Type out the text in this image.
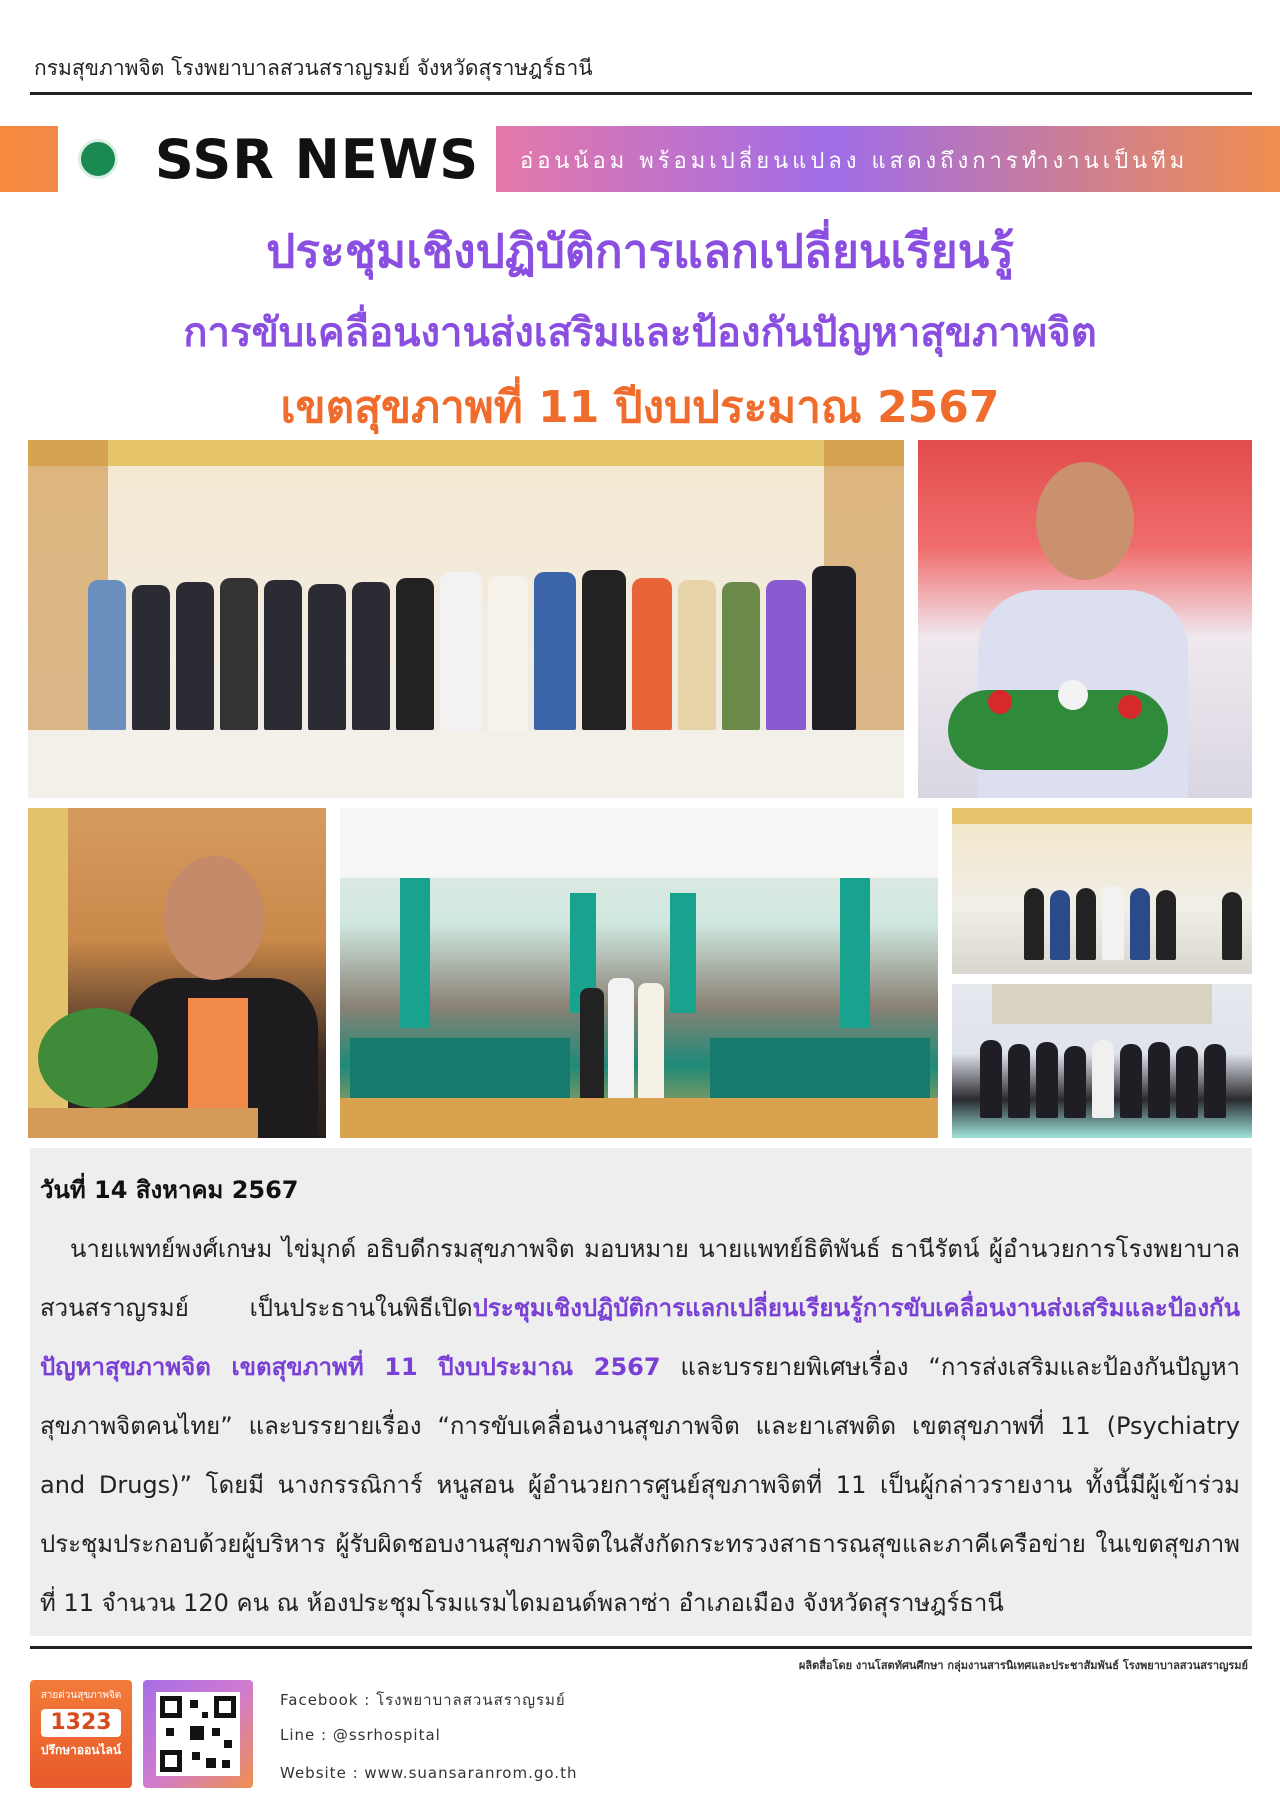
กรมสุขภาพจิต โรงพยาบาลสวนสราญรมย์ จังหวัดสุราษฎร์ธานี
SSR NEWS อ่อนน้อม พร้อมเปลี่ยนแปลง แสดงถึงการทำงานเป็นทีม
ประชุมเชิงปฏิบัติการแลกเปลี่ยนเรียนรู้
การขับเคลื่อนงานส่งเสริมและป้องกันปัญหาสุขภาพจิต
เขตสุขภาพที่ 11 ปีงบประมาณ 2567
วันที่ 14 สิงหาคม 2567
นายแพทย์พงศ์เกษม ไข่มุกด์ อธิบดีกรมสุขภาพจิต มอบหมาย นายแพทย์ธิติพันธ์ ธานีรัตน์ ผู้อำนวยการโรงพยาบาลสวนสราญรมย์ เป็นประธานในพิธีเปิดประชุมเชิงปฏิบัติการแลกเปลี่ยนเรียนรู้การขับเคลื่อนงานส่งเสริมและป้องกันปัญหาสุขภาพจิต เขตสุขภาพที่ 11 ปีงบประมาณ 2567 และบรรยายพิเศษเรื่อง “การส่งเสริมและป้องกันปัญหาสุขภาพจิตคนไทย” และบรรยายเรื่อง “การขับเคลื่อนงานสุขภาพจิต และยาเสพติด เขตสุขภาพที่ 11 (Psychiatry and Drugs)” โดยมี นางกรรณิการ์ หนูสอน ผู้อำนวยการศูนย์สุขภาพจิตที่ 11 เป็นผู้กล่าวรายงาน ทั้งนี้มีผู้เข้าร่วมประชุมประกอบด้วยผู้บริหาร ผู้รับผิดชอบงานสุขภาพจิตในสังกัดกระทรวงสาธารณสุขและภาคีเครือข่าย ในเขตสุขภาพที่ 11 จำนวน 120 คน ณ ห้องประชุมโรมแรมไดมอนด์พลาซ่า อำเภอเมือง จังหวัดสุราษฎร์ธานี
ผลิตสื่อโดย งานโสตทัศนศึกษา กลุ่มงานสารนิเทศและประชาสัมพันธ์ โรงพยาบาลสวนสราญรมย์
สายด่วนสุขภาพจิต
1323
ปรึกษาออนไลน์
Facebook : โรงพยาบาลสวนสราญรมย์
Line : @ssrhospital
Website : www.suansaranrom.go.th
